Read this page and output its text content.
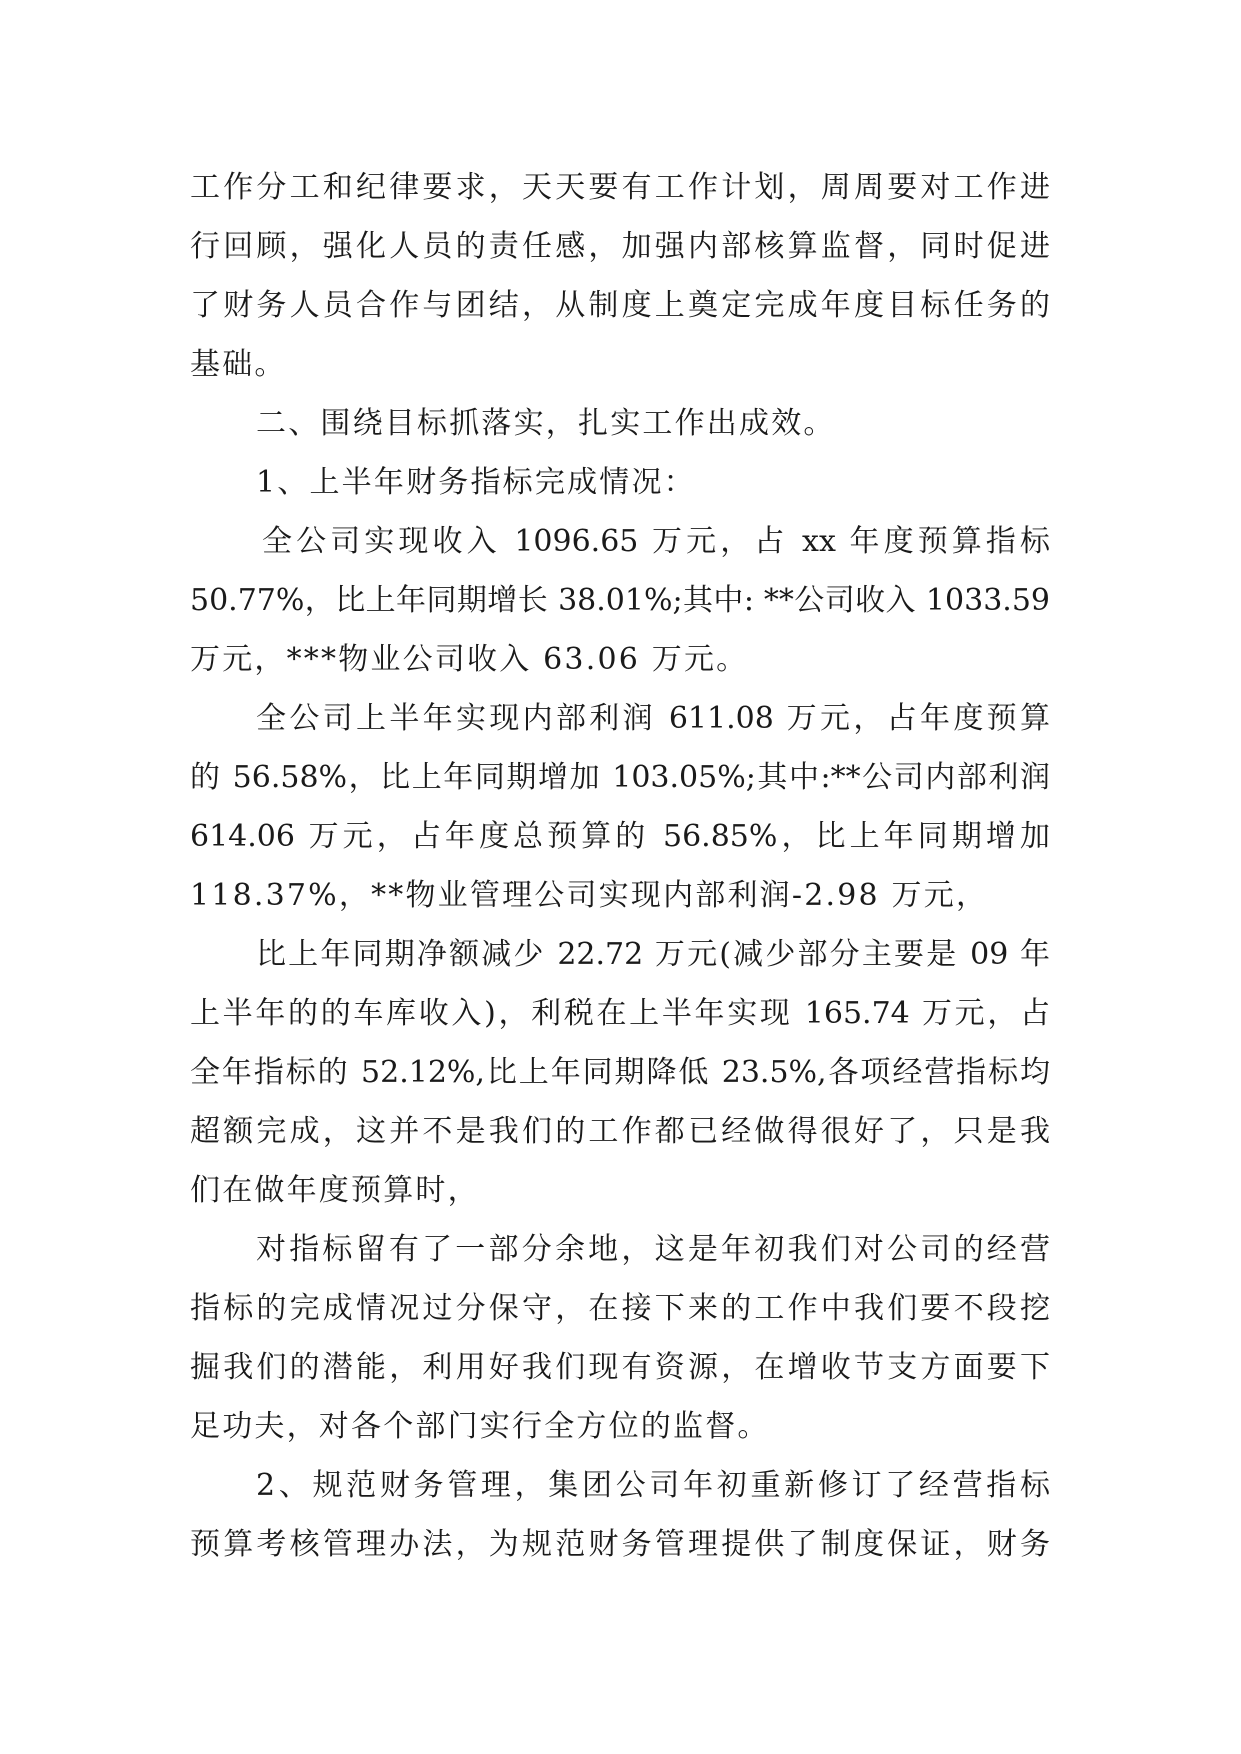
工作分工和纪律要求，天天要有工作计划，周周要对工作进
行回顾，强化人员的责任感，加强内部核算监督，同时促进
了财务人员合作与团结，从制度上奠定完成年度目标任务的
基础。
二、围绕目标抓落实，扎实工作出成效。
1、上半年财务指标完成情况：
全公司实现收入 1096.65 万元，占 xx 年度预算指标
50.77%，比上年同期增长 38.01%;其中: **公司收入 1033.59
万元，***物业公司收入 63.06 万元。
全公司上半年实现内部利润 611.08 万元，占年度预算
的 56.58%，比上年同期增加 103.05%;其中:**公司内部利润
614.06 万元，占年度总预算的 56.85%，比上年同期增加
118.37%，**物业管理公司实现内部利润-2.98 万元，
比上年同期净额减少 22.72 万元(减少部分主要是 09 年
上半年的的车库收入)，利税在上半年实现 165.74 万元，占
全年指标的 52.12%,比上年同期降低 23.5%,各项经营指标均
超额完成，这并不是我们的工作都已经做得很好了，只是我
们在做年度预算时，
对指标留有了一部分余地，这是年初我们对公司的经营
指标的完成情况过分保守，在接下来的工作中我们要不段挖
掘我们的潜能，利用好我们现有资源，在增收节支方面要下
足功夫，对各个部门实行全方位的监督。
2、规范财务管理，集团公司年初重新修订了经营指标
预算考核管理办法，为规范财务管理提供了制度保证，财务
